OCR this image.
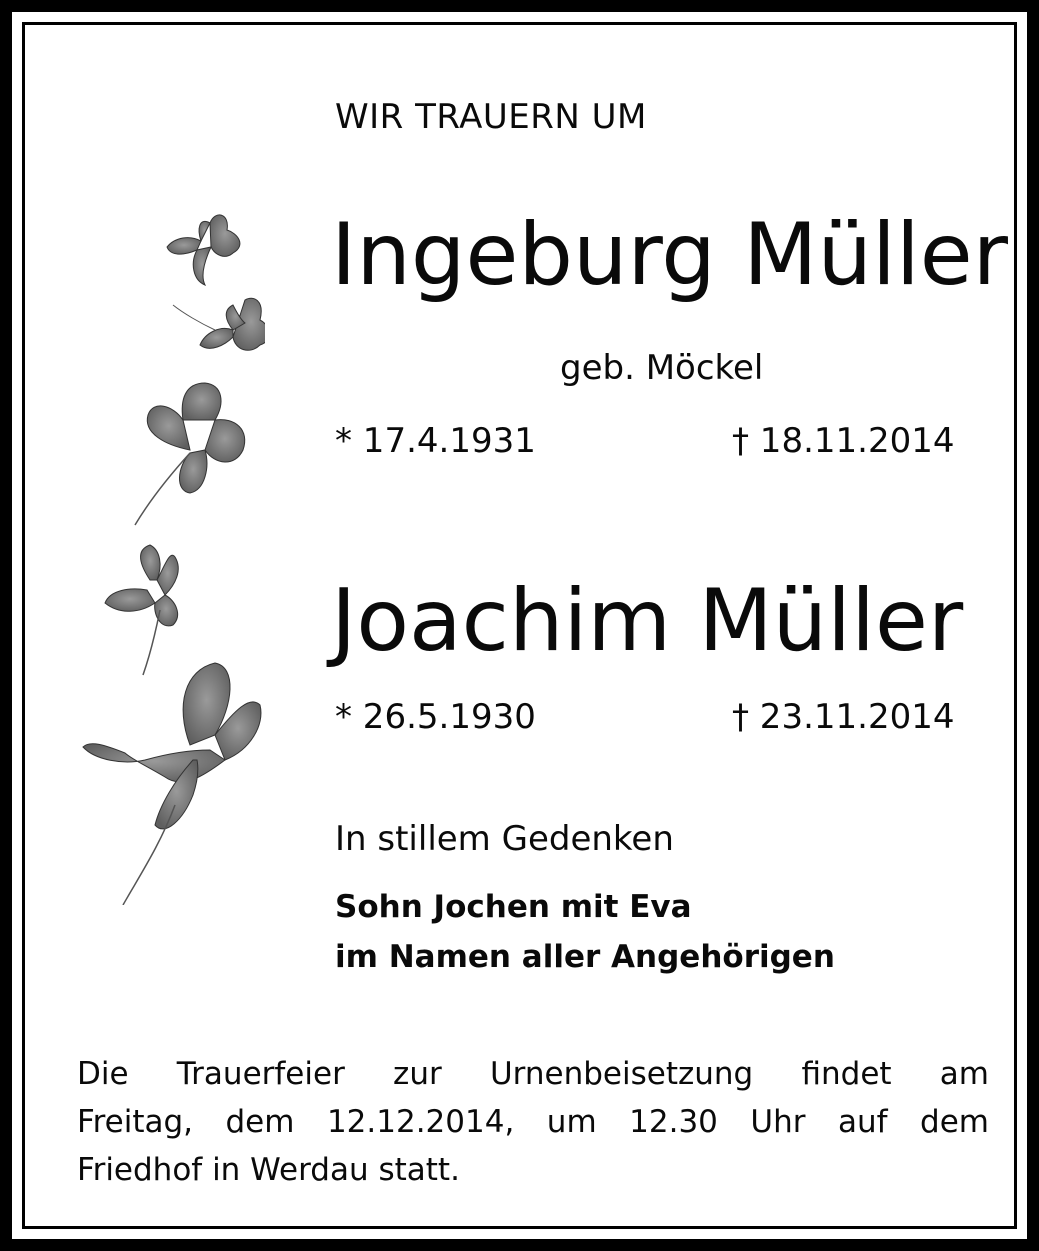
WIR TRAUERN UM
Ingeburg Müller
geb. Möckel
* 17.4.1931	† 18.11.2014
Joachim Müller
* 26.5.1930	† 23.11.2014
In stillem Gedenken
Sohn Jochen mit Eva
im Namen aller Angehörigen
Die Trauerfeier zur Urnenbeisetzung findet am
Freitag, dem 12.12.2014, um 12.30 Uhr auf dem
Friedhof in Werdau statt.
